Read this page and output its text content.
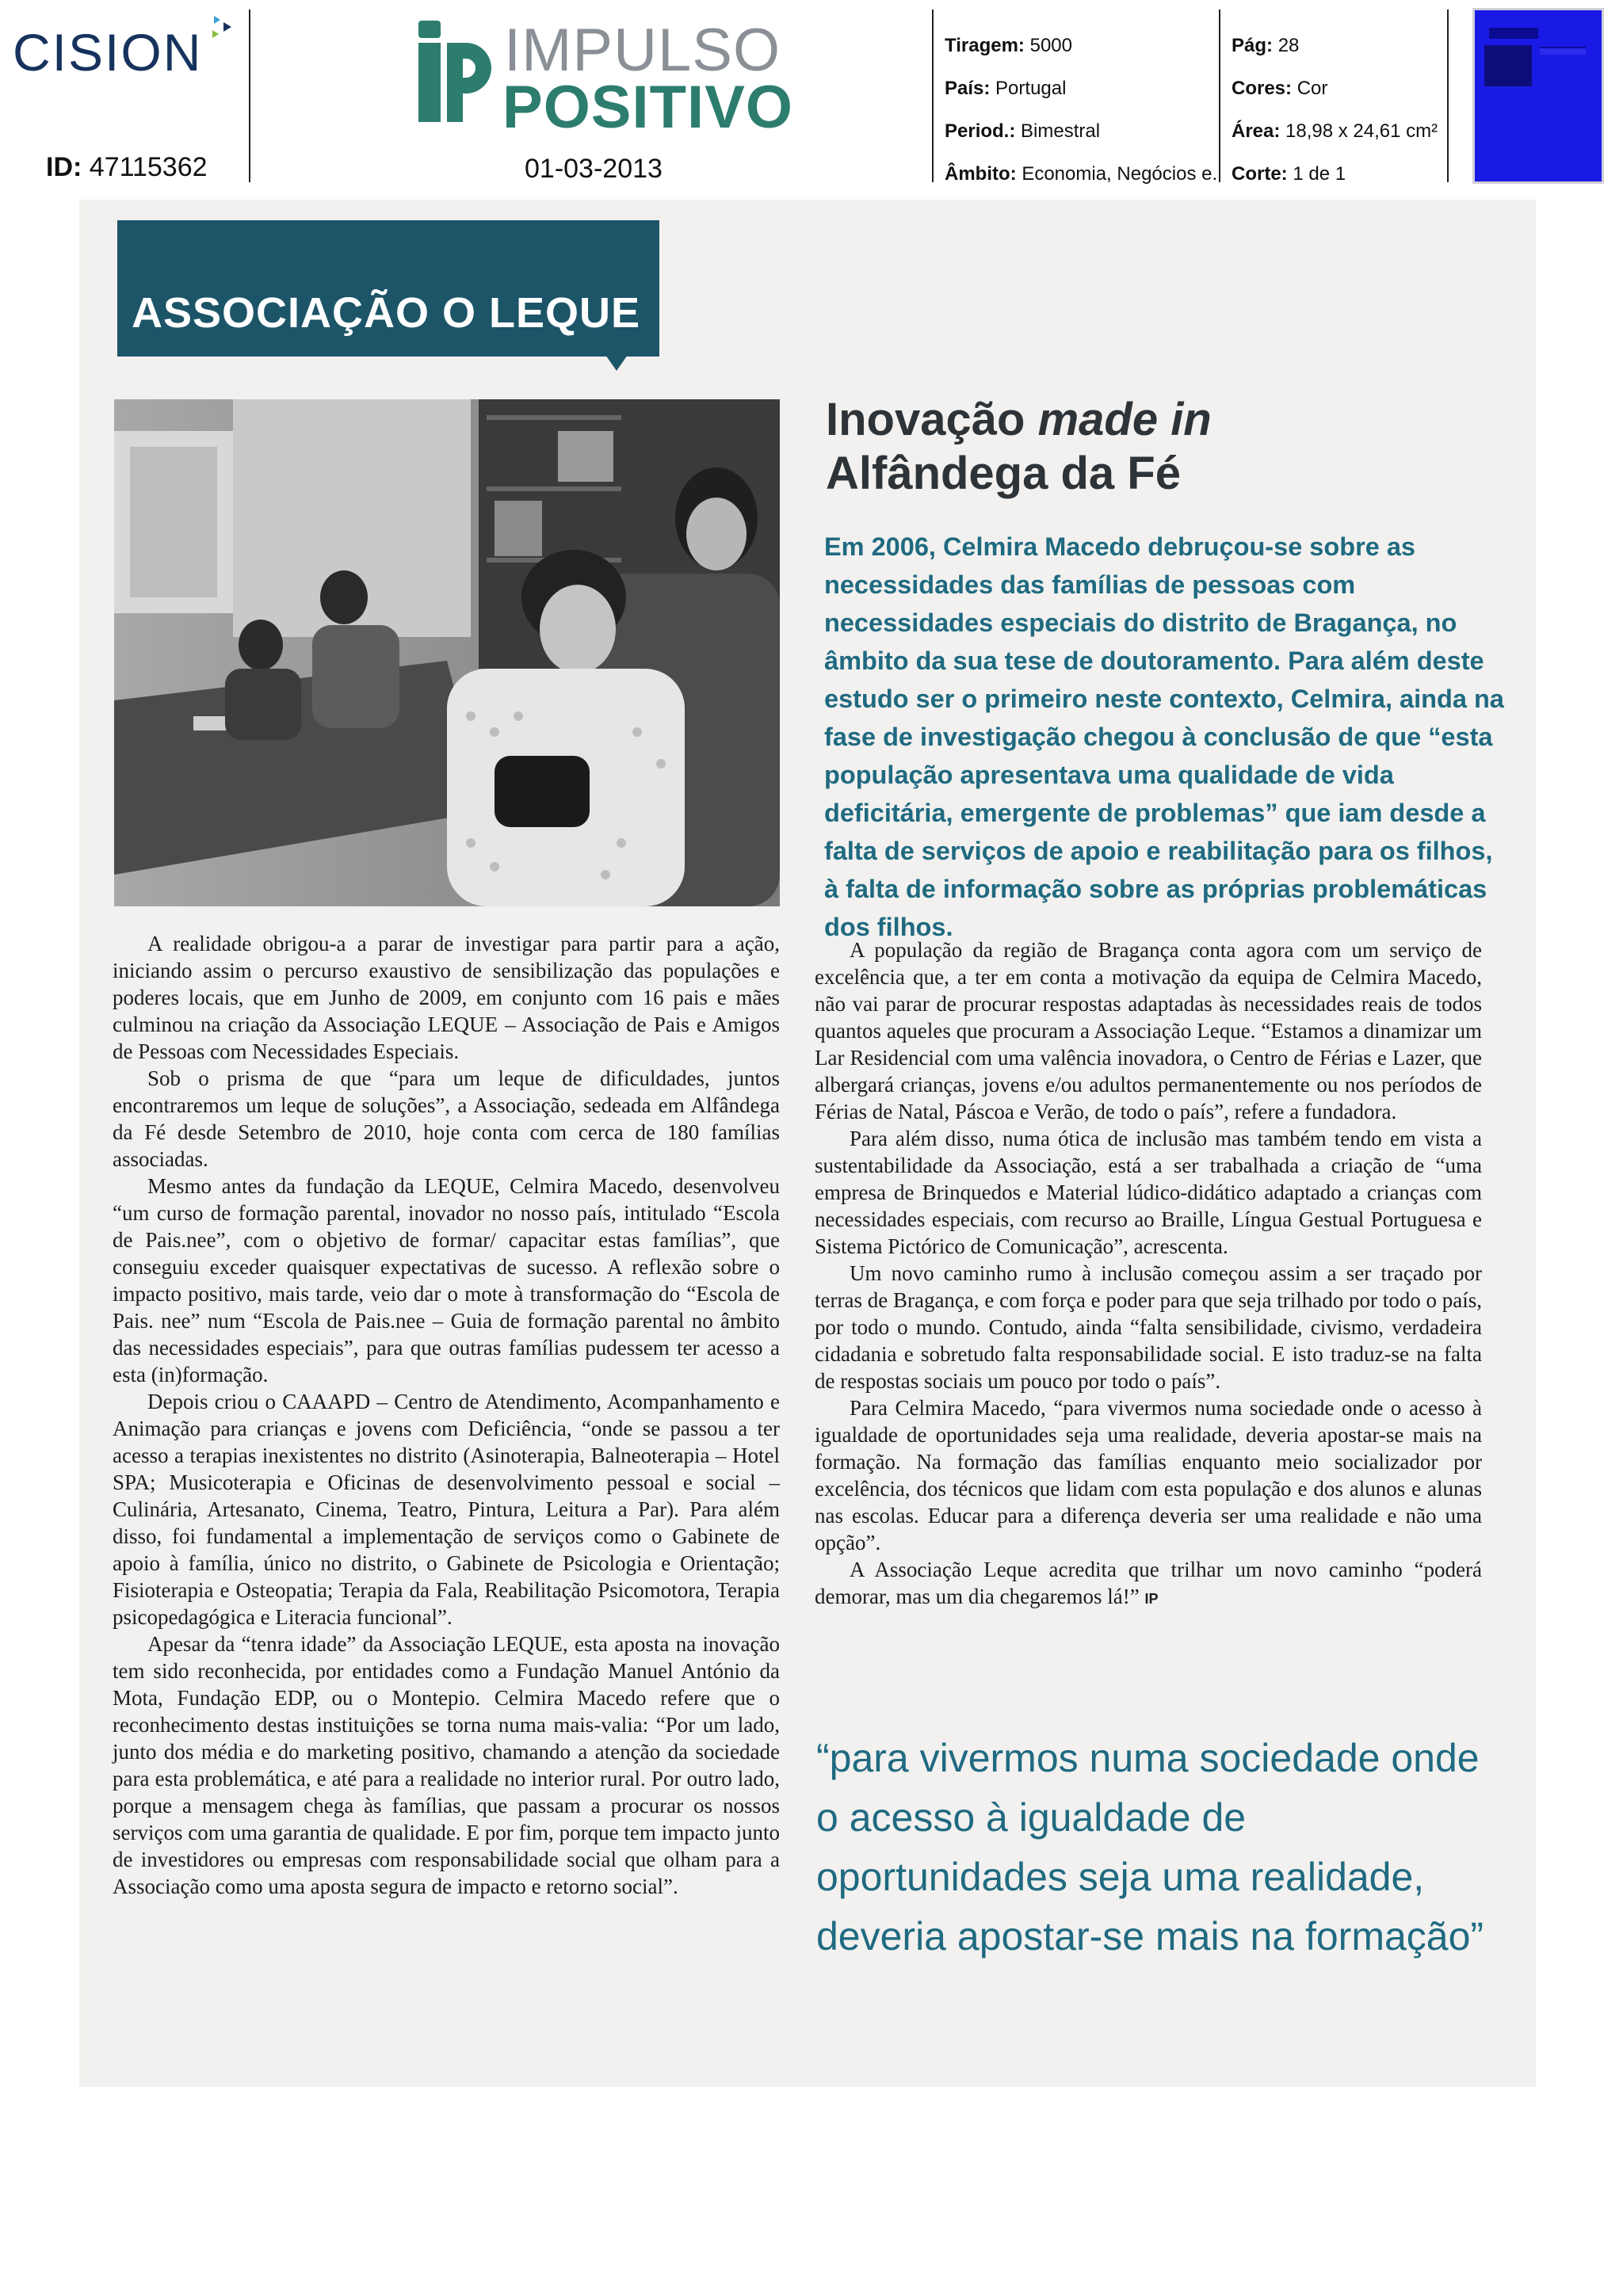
CISION
ID: 47115362
IMPULSO
POSITIVO
01-03-2013
Tiragem: 5000
País: Portugal
Period.: Bimestral
Âmbito: Economia, Negócios e.
Pág: 28
Cores: Cor
Área: 18,98 x 24,61 cm²
Corte: 1 de 1
ASSOCIAÇÃO O LEQUE
Inovação made in
Alfândega da Fé
Em 2006, Celmira Macedo debruçou-se sobre as necessidades das famílias de pessoas com necessidades especiais do distrito de Bragança, no âmbito da sua tese de doutoramento. Para além deste estudo ser o primeiro neste contexto, Celmira, ainda na fase de investigação chegou à conclusão de que “esta população apresentava uma qualidade de vida deficitária, emergente de problemas” que iam desde a falta de serviços de apoio e reabilitação para os filhos, à falta de informação sobre as próprias problemáticas dos filhos.

A realidade obrigou-a a parar de investigar para partir para a ação, iniciando assim o percurso exaustivo de sensibilização das populações e poderes locais, que em Junho de 2009, em conjunto com 16 pais e mães culminou na criação da Associação LEQUE – Associação de Pais e Amigos de Pessoas com Necessidades Especiais.

Sob o prisma de que “para um leque de dificuldades, juntos encontraremos um leque de soluções”, a Associação, sedeada em Alfândega da Fé desde Setembro de 2010, hoje conta com cerca de 180 famílias associadas.

Mesmo antes da fundação da LEQUE, Celmira Macedo, desenvolveu “um curso de formação parental, inovador no nosso país, intitulado “Escola de Pais.nee”, com o objetivo de formar/ capacitar estas famílias”, que conseguiu exceder quaisquer expectativas de sucesso. A reflexão sobre o impacto positivo, mais tarde, veio dar o mote à transformação do “Escola de Pais. nee” num “Escola de Pais.nee – Guia de formação parental no âmbito das necessidades especiais”, para que outras famílias pudessem ter acesso a esta (in)formação.

Depois criou o CAAAPD – Centro de Atendimento, Acompanhamento e Animação para crianças e jovens com Deficiência, “onde se passou a ter acesso a terapias inexistentes no distrito (Asinoterapia, Balneoterapia – Hotel SPA; Musicoterapia e Oficinas de desenvolvimento pessoal e social – Culinária, Artesanato, Cinema, Teatro, Pintura, Leitura a Par). Para além disso, foi fundamental a implementação de serviços como o Gabinete de apoio à família, único no distrito, o Gabinete de Psicologia e Orientação; Fisioterapia e Osteopatia; Terapia da Fala, Reabilitação Psicomotora, Terapia psicopedagógica e Literacia funcional”.

Apesar da “tenra idade” da Associação LEQUE, esta aposta na inovação tem sido reconhecida, por entidades como a Fundação Manuel António da Mota, Fundação EDP, ou o Montepio. Celmira Macedo refere que o reconhecimento destas instituições se torna numa mais-valia: “Por um lado, junto dos média e do marketing positivo, chamando a atenção da sociedade para esta problemática, e até para a realidade no interior rural. Por outro lado, porque a mensagem chega às famílias, que passam a procurar os nossos serviços com uma garantia de qualidade. E por fim, porque tem impacto junto de investidores ou empresas com responsabilidade social que olham para a Associação como uma aposta segura de impacto e retorno social”.

A população da região de Bragança conta agora com um serviço de excelência que, a ter em conta a motivação da equipa de Celmira Macedo, não vai parar de procurar respostas adaptadas às necessidades reais de todos quantos aqueles que procuram a Associação Leque. “Estamos a dinamizar um Lar Residencial com uma valência inovadora, o Centro de Férias e Lazer, que albergará crianças, jovens e/ou adultos permanentemente ou nos períodos de Férias de Natal, Páscoa e Verão, de todo o país”, refere a fundadora.

Para além disso, numa ótica de inclusão mas também tendo em vista a sustentabilidade da Associação, está a ser trabalhada a criação de “uma empresa de Brinquedos e Material lúdico-didático adaptado a crianças com necessidades especiais, com recurso ao Braille, Língua Gestual Portuguesa e Sistema Pictórico de Comunicação”, acrescenta.

Um novo caminho rumo à inclusão começou assim a ser traçado por terras de Bragança, e com força e poder para que seja trilhado por todo o país, por todo o mundo. Contudo, ainda “falta sensibilidade, civismo, verdadeira cidadania e sobretudo falta responsabilidade social. E isto traduz-se na falta de respostas sociais um pouco por todo o país”.

Para Celmira Macedo, “para vivermos numa sociedade onde o acesso à igualdade de oportunidades seja uma realidade, deveria apostar-se mais na formação. Na formação das famílias enquanto meio socializador por excelência, dos técnicos que lidam com esta população e dos alunos e alunas nas escolas. Educar para a diferença deveria ser uma realidade e não uma opção”.

A Associação Leque acredita que trilhar um novo caminho “poderá demorar, mas um dia chegaremos lá!” IP

“para vivermos numa sociedade onde o acesso à igualdade de oportunidades seja uma realidade, deveria apostar-se mais na formação”
